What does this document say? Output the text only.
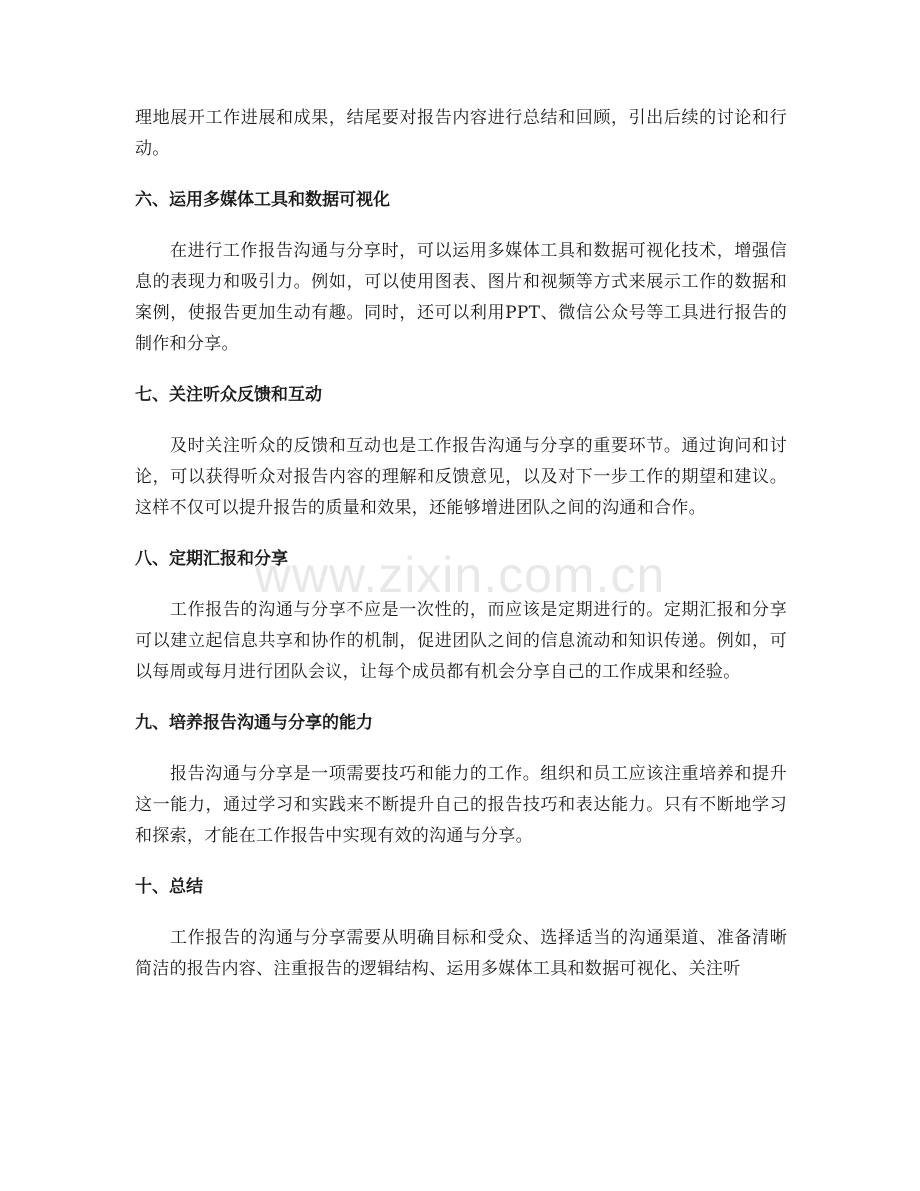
www.zixin.com.cn

理地展开工作进展和成果，结尾要对报告内容进行总结和回顾，引出后续的讨论和行动。

六、运用多媒体工具和数据可视化

在进行工作报告沟通与分享时，可以运用多媒体工具和数据可视化技术，增强信息的表现力和吸引力。例如，可以使用图表、图片和视频等方式来展示工作的数据和案例，使报告更加生动有趣。同时，还可以利用PPT、微信公众号等工具进行报告的制作和分享。

七、关注听众反馈和互动

及时关注听众的反馈和互动也是工作报告沟通与分享的重要环节。通过询问和讨论，可以获得听众对报告内容的理解和反馈意见，以及对下一步工作的期望和建议。这样不仅可以提升报告的质量和效果，还能够增进团队之间的沟通和合作。

八、定期汇报和分享

工作报告的沟通与分享不应是一次性的，而应该是定期进行的。定期汇报和分享可以建立起信息共享和协作的机制，促进团队之间的信息流动和知识传递。例如，可以每周或每月进行团队会议，让每个成员都有机会分享自己的工作成果和经验。

九、培养报告沟通与分享的能力

报告沟通与分享是一项需要技巧和能力的工作。组织和员工应该注重培养和提升这一能力，通过学习和实践来不断提升自己的报告技巧和表达能力。只有不断地学习和探索，才能在工作报告中实现有效的沟通与分享。

十、总结

工作报告的沟通与分享需要从明确目标和受众、选择适当的沟通渠道、准备清晰简洁的报告内容、注重报告的逻辑结构、运用多媒体工具和数据可视化、关注听
